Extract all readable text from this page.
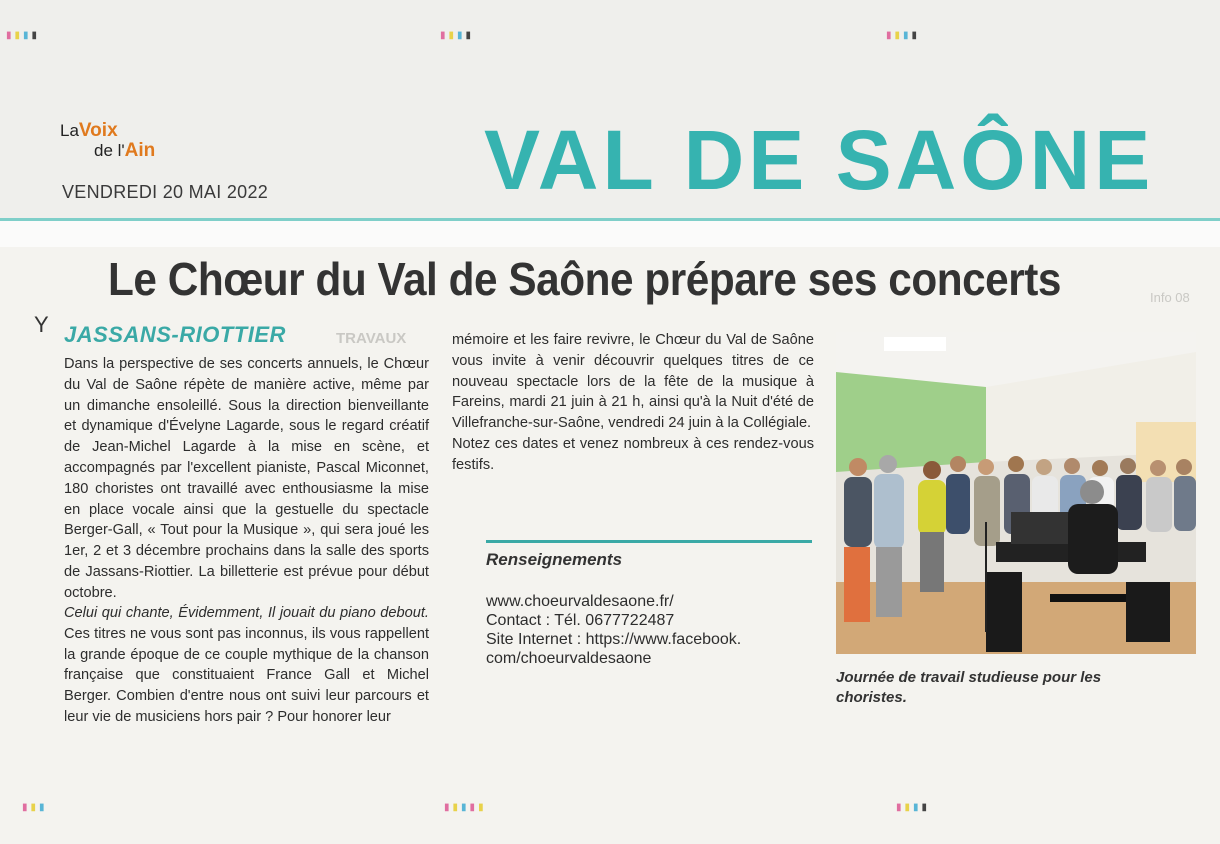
▮▮▮▮	▮▮▮▮	▮▮▮▮
▮▮▮	▮▮▮▮▮	▮▮▮▮
LaVoix
de l'Ain
VENDREDI 20 MAI 2022	VAL DE SAÔNE
TRAVAUX
Info 08
Le Chœur du Val de Saône prépare ses concerts
Y JASSANS-RIOTTIER

Dans la perspective de ses concerts annuels, le Chœur du Val de Saône répète de manière active, même par un dimanche ensoleillé. Sous la direction bienveillante et dynamique d'Évelyne Lagarde, sous le regard créatif de Jean-Michel Lagarde à la mise en scène, et accompagnés par l'excellent pianiste, Pascal Miconnet, 180 choristes ont travaillé avec enthousiasme la mise en place vocale ainsi que la gestuelle du spectacle Berger-Gall, « Tout pour la Musique », qui sera joué les 1er, 2 et 3 décembre prochains dans la salle des sports de Jassans-Riottier. La billetterie est prévue pour début octobre.

mémoire et les faire revivre, le Chœur du Val de Saône vous invite à venir découvrir quelques titres de ce nouveau spectacle lors de la fête de la musique à Fareins, mardi 21 juin à 21 h, ainsi qu'à la Nuit d'été de Villefranche-sur-Saône, vendredi 24 juin à la Collégiale.

Notez ces dates et venez nombreux à ces rendez-vous festifs.

Celui qui chante, Évidemment, Il jouait du piano debout. Ces titres ne vous sont pas inconnus, ils vous rappellent la grande époque de ce couple mythique de la chanson française que constituaient France Gall et Michel Berger. Combien d'entre nous ont suivi leur parcours et leur vie de musiciens hors pair ? Pour honorer leur

Renseignements
www.choeurvaldesaone.fr/
Contact : Tél. 0677722487
Site Internet : https://www.facebook.
com/choeurvaldesaone
Journée de travail studieuse pour les choristes.
